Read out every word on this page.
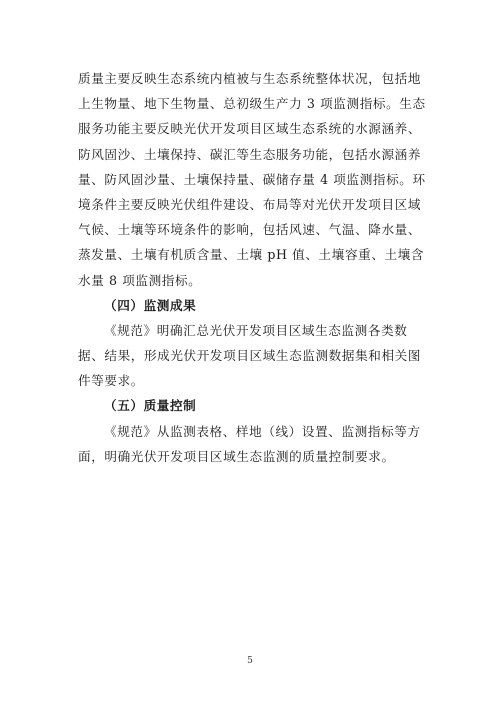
质量主要反映生态系统内植被与生态系统整体状况，包括地
上生物量、地下生物量、总初级生产力 3 项监测指标。生态
服务功能主要反映光伏开发项目区域生态系统的水源涵养、
防风固沙、土壤保持、碳汇等生态服务功能，包括水源涵养
量、防风固沙量、土壤保持量、碳储存量 4 项监测指标。环
境条件主要反映光伏组件建设、布局等对光伏开发项目区域
气候、土壤等环境条件的影响，包括风速、气温、降水量、
蒸发量、土壤有机质含量、土壤 pH 值、土壤容重、土壤含
水量 8 项监测指标。
（四）监测成果
《规范》明确汇总光伏开发项目区域生态监测各类数
据、结果，形成光伏开发项目区域生态监测数据集和相关图
件等要求。
（五）质量控制
《规范》从监测表格、样地（线）设置、监测指标等方
面，明确光伏开发项目区域生态监测的质量控制要求。
5
